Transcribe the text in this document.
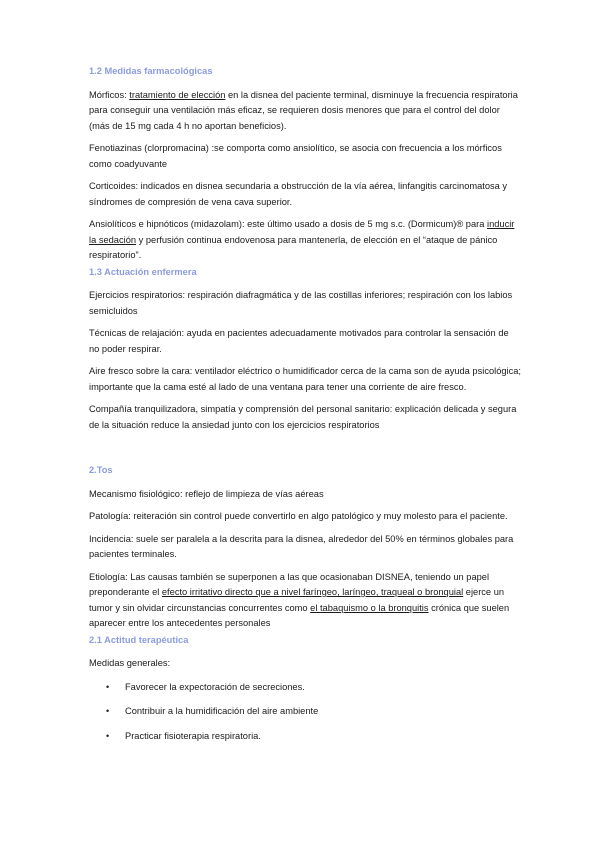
1.2 Medidas farmacológicas

Mórficos: tratamiento de elección en la disnea del paciente terminal, disminuye la frecuencia respiratoria para conseguir una ventilación más eficaz, se requieren dosis menores que para el control del dolor (más de 15 mg cada 4 h no aportan beneficios).

Fenotiazinas (clorpromacina) :se comporta como ansiolítico, se asocia con frecuencia a los mórficos como coadyuvante

Corticoides: indicados en disnea secundaria a obstrucción de la vía aérea, linfangitis carcinomatosa y síndromes de compresión de vena cava superior.

Ansiolíticos e hipnóticos (midazolam): este último usado a dosis de 5 mg s.c. (Dormicum)® para inducir la sedación y perfusión continua endovenosa para mantenerla, de elección en el “ataque de pánico respiratorio”.

1.3 Actuación enfermera

Ejercicios respiratorios: respiración diafragmática y de las costillas inferiores; respiración con los labios semicluidos

Técnicas de relajación: ayuda en pacientes adecuadamente motivados para controlar la sensación de no poder respirar.

Aire fresco sobre la cara: ventilador eléctrico o humidificador cerca de la cama son de ayuda psicológica; importante que la cama esté al lado de una ventana para tener una corriente de aire fresco.

Compañía tranquilizadora, simpatía y comprensión del personal sanitario: explicación delicada y segura de la situación reduce la ansiedad junto con los ejercicios respiratorios

2.Tos

Mecanismo fisiológico: reflejo de limpieza de vías aéreas

Patología: reiteración sin control puede convertirlo en algo patológico y muy molesto para el paciente.

Incidencia: suele ser paralela a la descrita para la disnea, alrededor del 50% en términos globales para pacientes terminales.

Etiología: Las causas también se superponen a las que ocasionaban DISNEA, teniendo un papel preponderante el efecto irritativo directo que a nivel faríngeo, laríngeo, traqueal o bronquial ejerce un tumor y sin olvidar circunstancias concurrentes como el tabaquismo o la bronquitis crónica que suelen aparecer entre los antecedentes personales

2.1 Actitud terapéutica

Medidas generales:

• Favorecer la expectoración de secreciones.

• Contribuir a la humidificación del aire ambiente

• Practicar fisioterapia respiratoria.
